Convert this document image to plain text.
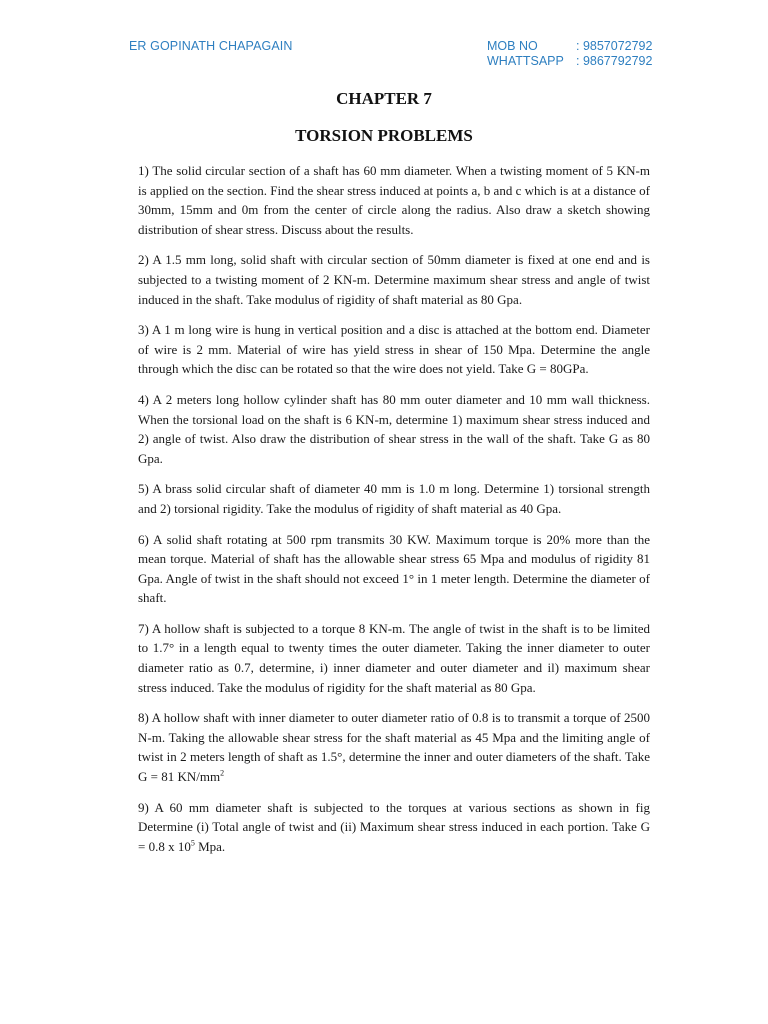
ER GOPINATH CHAPAGAIN	MOB NO	: 9857072792
WHATTSAPP : 9867792792
CHAPTER 7
TORSION PROBLEMS

1) The solid circular section of a shaft has 60 mm diameter. When a twisting moment of 5 KN-m is applied on the section. Find the shear stress induced at points a, b and c which is at a distance of 30mm, 15mm and 0m from the center of circle along the radius. Also draw a sketch showing distribution of shear stress. Discuss about the results.

2) A 1.5 mm long, solid shaft with circular section of 50mm diameter is fixed at one end and is subjected to a twisting moment of 2 KN-m. Determine maximum shear stress and angle of twist induced in the shaft. Take modulus of rigidity of shaft material as 80 Gpa.

3) A 1 m long wire is hung in vertical position and a disc is attached at the bottom end. Diameter of wire is 2 mm. Material of wire has yield stress in shear of 150 Mpa. Determine the angle through which the disc can be rotated so that the wire does not yield. Take G = 80GPa.

4) A 2 meters long hollow cylinder shaft has 80 mm outer diameter and 10 mm wall thickness. When the torsional load on the shaft is 6 KN-m, determine 1) maximum shear stress induced and 2) angle of twist. Also draw the distribution of shear stress in the wall of the shaft. Take G as 80 Gpa.

5) A brass solid circular shaft of diameter 40 mm is 1.0 m long. Determine 1) torsional strength and 2) torsional rigidity. Take the modulus of rigidity of shaft material as 40 Gpa.

6) A solid shaft rotating at 500 rpm transmits 30 KW. Maximum torque is 20% more than the mean torque. Material of shaft has the allowable shear stress 65 Mpa and modulus of rigidity 81 Gpa. Angle of twist in the shaft should not exceed 1° in 1 meter length. Determine the diameter of shaft.

7) A hollow shaft is subjected to a torque 8 KN-m. The angle of twist in the shaft is to be limited to 1.7° in a length equal to twenty times the outer diameter. Taking the inner diameter to outer diameter ratio as 0.7, determine, i) inner diameter and outer diameter and il) maximum shear stress induced. Take the modulus of rigidity for the shaft material as 80 Gpa.

8) A hollow shaft with inner diameter to outer diameter ratio of 0.8 is to transmit a torque of 2500 N-m. Taking the allowable shear stress for the shaft material as 45 Mpa and the limiting angle of twist in 2 meters length of shaft as 1.5°, determine the inner and outer diameters of the shaft. Take G = 81 $KN/mm^2$

9) A 60 mm diameter shaft is subjected to the torques at various sections as shown in fig Determine (i) Total angle of twist and (ii) Maximum shear stress induced in each portion. Take G = 0.8 x $10^5$ Mpa.
